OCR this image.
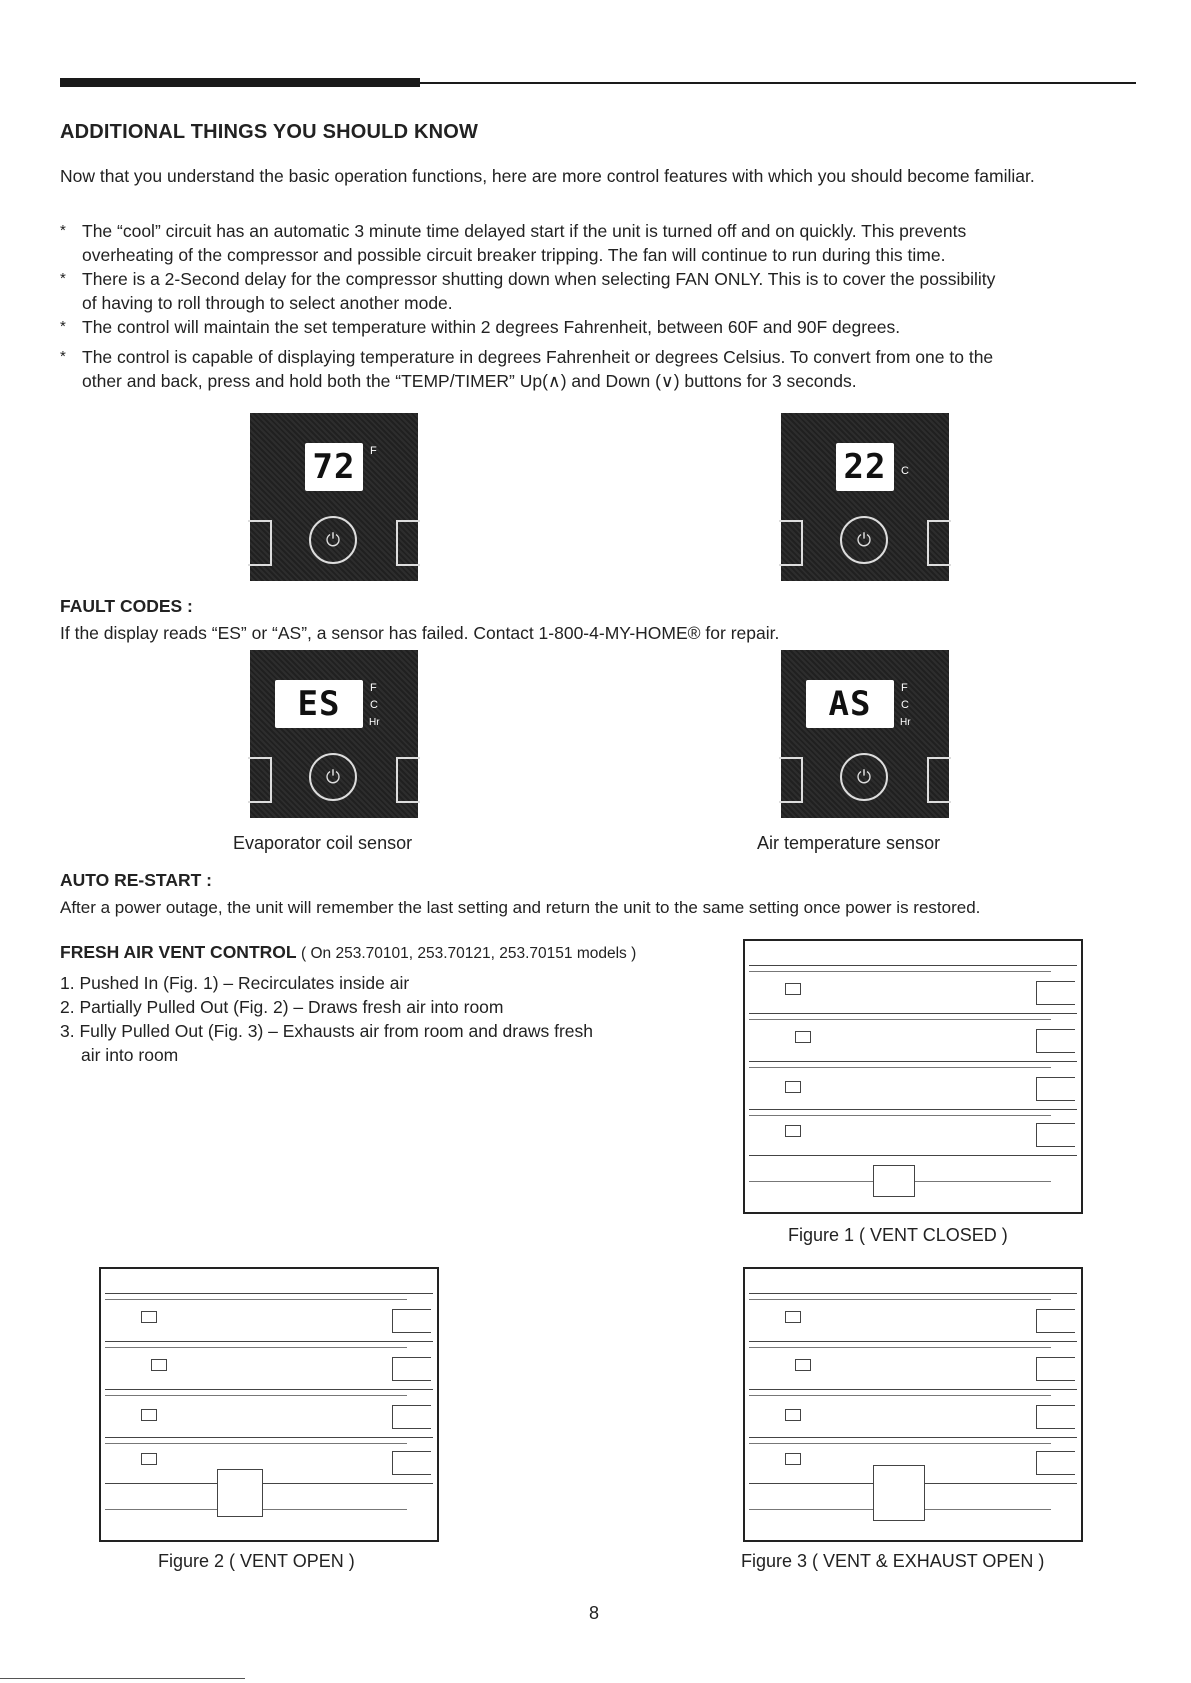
ADDITIONAL THINGS YOU SHOULD KNOW
Now that you understand the basic operation functions, here are more control features with which you should become familiar.
* The “cool” circuit has an automatic 3 minute time delayed start if the unit is turned off and on quickly. This prevents
overheating of the compressor and possible circuit breaker tripping. The fan will continue to run during this time.
* There is a 2-Second delay for the compressor shutting down when selecting FAN ONLY. This is to cover the possibility
of having to roll through to select another mode.
* The control will maintain the set temperature within 2 degrees Fahrenheit, between 60F and 90F degrees.
* The control is capable of displaying temperature in degrees Fahrenheit or degrees Celsius. To convert from one to the
other and back, press and hold both the “TEMP/TIMER” Up(∧) and Down (∨) buttons for 3 seconds.
72	F
⏻
22	C
⏻
FAULT CODES :
If the display reads “ES” or “AS”, a sensor has failed. Contact 1-800-4-MY-HOME® for repair.
ES	F
C
Hr
⏻
AS	F
C
Hr
⏻
Evaporator coil sensor	Air temperature sensor
AUTO RE-START :
After a power outage, the unit will remember the last setting and return the unit to the same setting once power is restored.
FRESH AIR VENT CONTROL ( On 253.70101, 253.70121, 253.70151 models )
1. Pushed In (Fig. 1) – Recirculates inside air
2. Partially Pulled Out (Fig. 2) – Draws fresh air into room
3. Fully Pulled Out (Fig. 3) – Exhausts air from room and draws fresh
air into room
Figure 1 ( VENT CLOSED )
Figure 2 ( VENT OPEN )	Figure 3 ( VENT & EXHAUST OPEN )
8
